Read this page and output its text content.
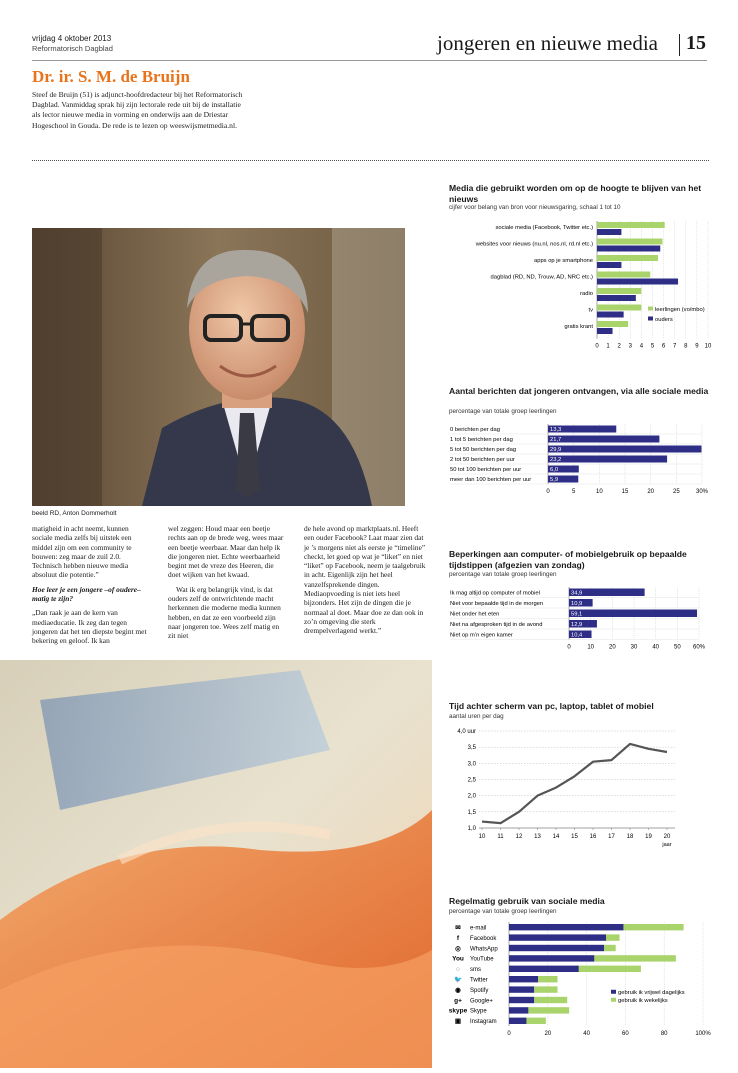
vrijdag 4 oktober 2013
Reformatorisch Dagblad	jongeren en nieuwe media 15
Dr. ir. S. M. de Bruijn
Steef de Bruijn (51) is adjunct-hoofdredacteur bij het Reformatorisch Dagblad. Vanmiddag sprak hij zijn lectorale rede uit bij de installatie als lector nieuwe media in vorming en onderwijs aan de Driestar Hogeschool in Gouda. De rede is te lezen op weeswijsmetmedia.nl.
beeld RD, Anton Dommerholt

matigheid in acht neemt, kunnen sociale media zelfs bij uitstek een middel zijn om een community te bouwen: zeg maar de zuil 2.0. Technisch hebben nieuwe media absoluut die potentie.”

Hoe leer je een jongere –of oudere– matig te zijn?

„Dan raak je aan de kern van mediaeducatie. Ik zeg dan tegen jongeren dat het ten diepste begint met bekering en geloof. Ik kan

wel zeggen: Houd maar een beetje rechts aan op de brede weg, wees maar een beetje weerbaar. Maar dan help ik die jongeren niet. Echte weerbaarheid begint met de vreze des Heeren, die doet wijken van het kwaad.

Wat ik erg belangrijk vind, is dat ouders zelf de ontwrichtende macht herkennen die moderne media kunnen hebben, en dat ze een voorbeeld zijn naar jongeren toe. Wees zelf matig en zit niet

de hele avond op marktplaats.nl. Heeft een ouder Facebook? Laat maar zien dat je ’s morgens niet als eerste je “timeline” checkt, let goed op wat je “liket” en niet “liket” op Facebook, neem je taalgebruik in acht. Eigenlijk zijn het heel vanzelfsprekende dingen. Mediaopvoeding is niet iets heel bijzonders. Het zijn de dingen die je normaal al doet. Maar doe ze dan ook in zo’n omgeving die sterk drempelverlagend werkt.”

Media die gebruikt worden om op de hoogte te blijven van het nieuws
cijfer voor belang van bron voor nieuwsgaring, schaal 1 tot 10
0 1 2 3 4 5 6 7 8 9 10
sociale media (Facebook, Twitter etc.)
websites voor nieuws (nu.nl, nos.nl, rd.nl etc.)
apps op je smartphone
dagblad (RD, ND, Trouw, AD, NRC etc.)
radio
tv
gratis krant
leerlingen (vo/mbo)
ouders
Aantal berichten dat jongeren ontvangen, via alle sociale media
percentage van totale groep leerlingen
0	5	10	15	20	25	30%
0 berichten per dag	13,3
1 tot 5 berichten per dag	21,7
5 tot 50 berichten per dag	29,9
2 tot 50 berichten per uur	23,2
50 tot 100 berichten per uur	6,0
meer dan 100 berichten per uur	5,9
Beperkingen aan computer- of mobielgebruik op bepaalde tijdstippen (afgezien van zondag)
percentage van totale groep leerlingen
0	10 20 30 40 50 60%
Ik mag altijd op computer of mobiel	34,9
Niet voor bepaalde tijd in de morgen	10,9
Niet onder het eten	59,1
Niet na afgesproken tijd in de avond	12,9
Niet op m’n eigen kamer	10,4
Tijd achter scherm van pc, laptop, tablet of mobiel
aantal uren per dag
1,0
1,5
2,0
2,5
3,0
3,5
4,0 uur
10 11 12 13 14 15 16 17 18 19 20
jaar
Regelmatig gebruik van sociale media
percentage van totale groep leerlingen
0	20	40	60	80	100%
✉ e-mail
f Facebook
◎ WhatsApp
You YouTube
◌ sms
🐦 Twitter
◉ Spotify
g+ Google+
skype Skype
▣ Instagram
gebruik ik vrijwel dagelijks
gebruik ik wekelijks
